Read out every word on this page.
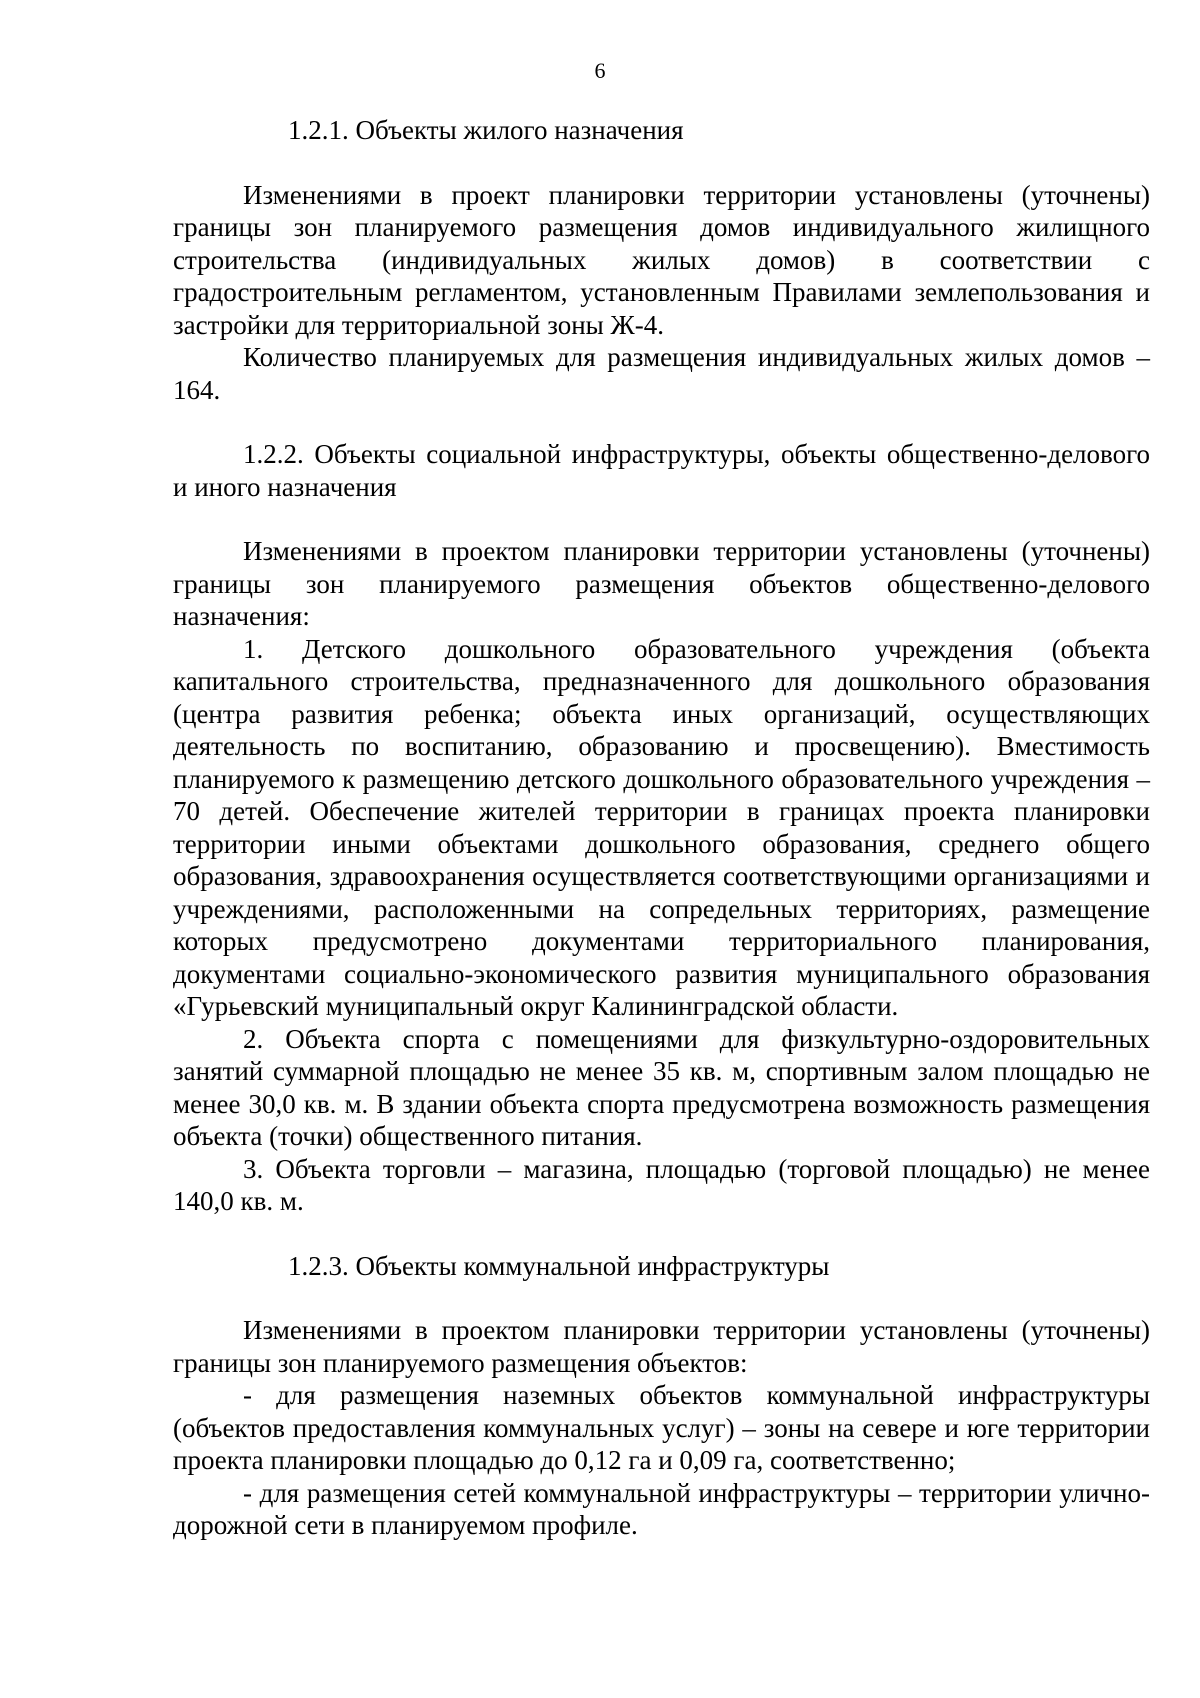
6

1.2.1. Объекты жилого назначения

Изменениями в проект планировки территории установлены (уточнены) границы зон планируемого размещения домов индивидуального жилищного строительства (индивидуальных жилых домов) в соответствии с градостроительным регламентом, установленным Правилами землепользования и застройки для территориальной зоны Ж-4.

Количество планируемых для размещения индивидуальных жилых домов – 164.

1.2.2. Объекты социальной инфраструктуры, объекты общественно-делового и иного назначения

Изменениями в проектом планировки территории установлены (уточнены) границы зон планируемого размещения объектов общественно-делового назначения:

1. Детского дошкольного образовательного учреждения (объекта капитального строительства, предназначенного для дошкольного образования (центра развития ребенка; объекта иных организаций, осуществляющих деятельность по воспитанию, образованию и просвещению). Вместимость планируемого к размещению детского дошкольного образовательного учреждения – 70 детей. Обеспечение жителей территории в границах проекта планировки территории иными объектами дошкольного образования, среднего общего образования, здравоохранения осуществляется соответствующими организациями и учреждениями, расположенными на сопредельных территориях, размещение которых предусмотрено документами территориального планирования, документами социально-экономического развития муниципального образования «Гурьевский муниципальный округ Калининградской области.

2. Объекта спорта с помещениями для физкультурно-оздоровительных занятий суммарной площадью не менее 35 кв. м, спортивным залом площадью не менее 30,0 кв. м. В здании объекта спорта предусмотрена возможность размещения объекта (точки) общественного питания.

3. Объекта торговли – магазина, площадью (торговой площадью) не менее 140,0 кв. м.

1.2.3. Объекты коммунальной инфраструктуры

Изменениями в проектом планировки территории установлены (уточнены) границы зон планируемого размещения объектов:

- для размещения наземных объектов коммунальной инфраструктуры (объектов предоставления коммунальных услуг) – зоны на севере и юге территории проекта планировки площадью до 0,12 га и 0,09 га, соответственно;

- для размещения сетей коммунальной инфраструктуры – территории улично-дорожной сети в планируемом профиле.
